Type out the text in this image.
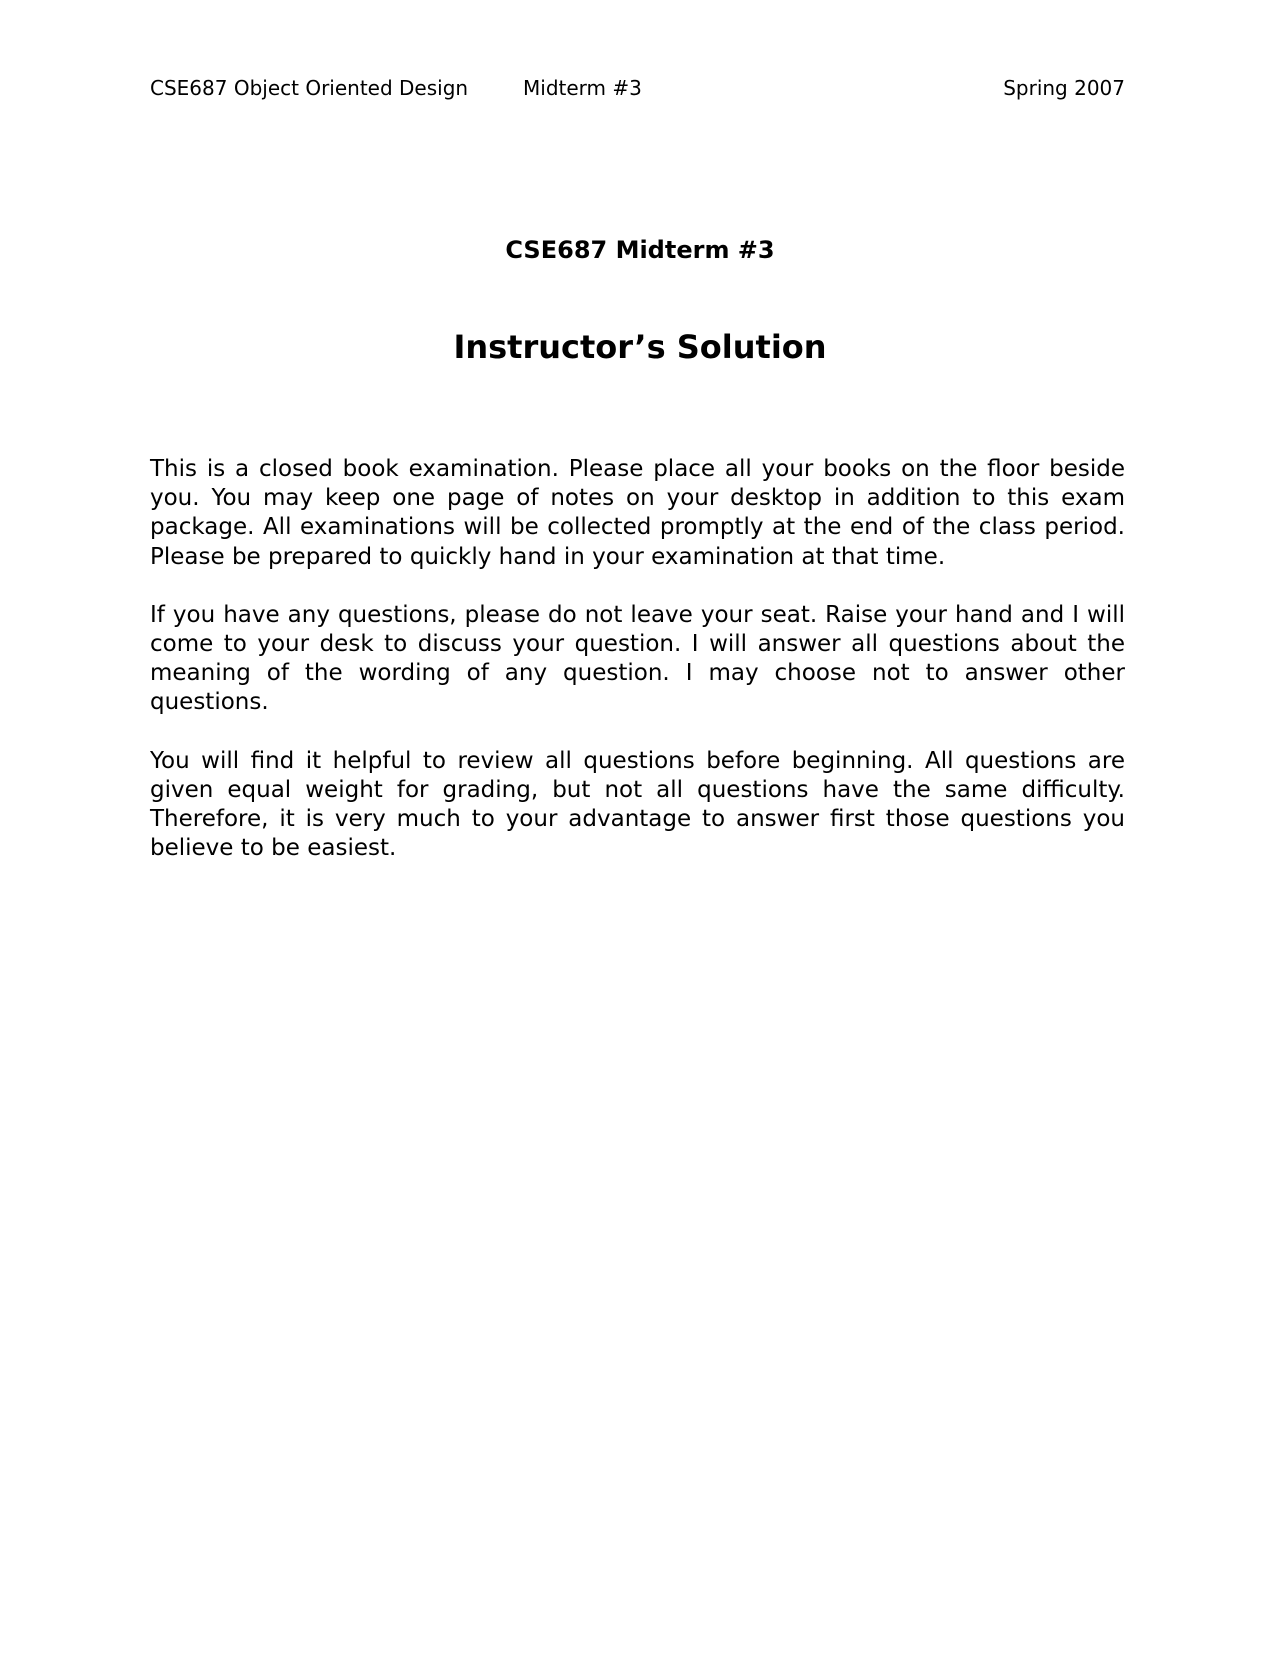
CSE687 Object Oriented Design	Midterm #3	Spring 2007
CSE687 Midterm #3
Instructor’s Solution

This is a closed book examination. Please place all your books on the floor beside you. You may keep one page of notes on your desktop in addition to this exam package. All examinations will be collected promptly at the end of the class period. Please be prepared to quickly hand in your examination at that time.

If you have any questions, please do not leave your seat. Raise your hand and I will come to your desk to discuss your question. I will answer all questions about the meaning of the wording of any question. I may choose not to answer other questions.

You will find it helpful to review all questions before beginning. All questions are given equal weight for grading, but not all questions have the same difficulty. Therefore, it is very much to your advantage to answer first those questions you believe to be easiest.
